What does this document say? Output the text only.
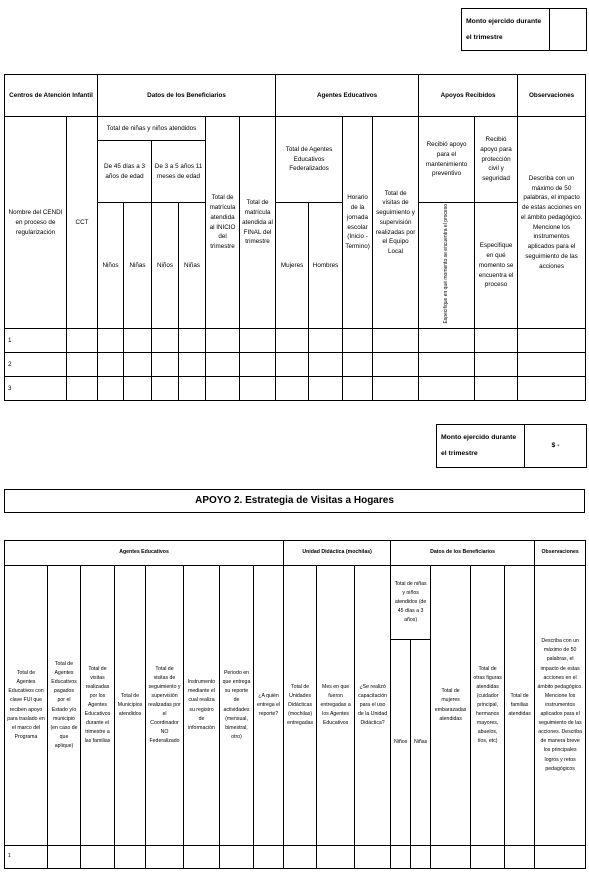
Monto ejercido durante el trimestre	
Centros de Atención Infantil		Datos de los Beneficiarios						Agentes Educativos				Apoyos Recibidos		Observaciones
Nombre del CENDI en proceso de regularización	CCT	Total de niñas y niños atendidos				Total de matrícula atendida al INICIO del trimestre	Total de matrícula atendida al FINAL del trimestre	Total de Agentes Educativos Federalizados		Horario de la jornada escolar (Inicio - Termino)	Total de visitas de seguimiento y supervisión realizadas por el Equipo Local	Recibió apoyo para el mantenimiento preventivo	Recibió apoyo para protección civil y seguridad	Describa con un máximo de 50 palabras, el impacto de estas acciones en el ámbito pedagógico. Mencione los instrumentos aplicados para el seguimiento de las acciones
		De 45 días a 3 años de edad		De 3 a 5 años 11 meses de edad										
		Niños	Niñas	Niños	Niñas			Mujeres	Hombres			Especifique en qué momento se encuentra el proceso	Especifique en qué momento se encuentra el proceso	

1														
2														
3														
Monto ejercido durante el trimestre	$ -
APOYO 2. Estrategia de Visitas a Hogares
Agentes Educativos								Unidad Didáctica (mochilas)			Datos de los Beneficiarios					Observaciones
Total de Agentes Educativos con clave FUI que reciben apoyo para traslado en el marco del Programa	Total de Agentes Educativos pagados por el Estado y/o municipio (en caso de que aplique)	Total de visitas realizadas por los Agentes Educativos durante el trimestre a las familias	Total de Municipios atendidos	Total de visitas de seguimiento y supervisión realizadas por el Coordinador NO Federalizado	Instrumento mediante el cual realiza su registro de información	Periodo en que entrega su reporte de actividades (mensual, bimestral, otro)	¿A quién entrega el reporte?	Total de Unidades Didácticas (mochilas) entregadas	Mes en que fueron entregadas a los Agentes Educativos	¿Se realizó capacitación para el uso de la Unidad Didáctica?	Total de niñas y niños atendidos (de 45 días a 3 años)		Total de mujeres embarazadas atendidas	Total de otras figuras atendidas (cuidador principal, hermanos mayores, abuelos, tíos, etc)	Total de familias atendidas	Describa con un máximo de 50 palabras, el impacto de estas acciones en el ámbito pedagógico. Mencione los instrumentos aplicados para el seguimiento de las acciones. Describa de manera breve los principales logros y retos pedagógicos
											Niños	Niñas				
1																
